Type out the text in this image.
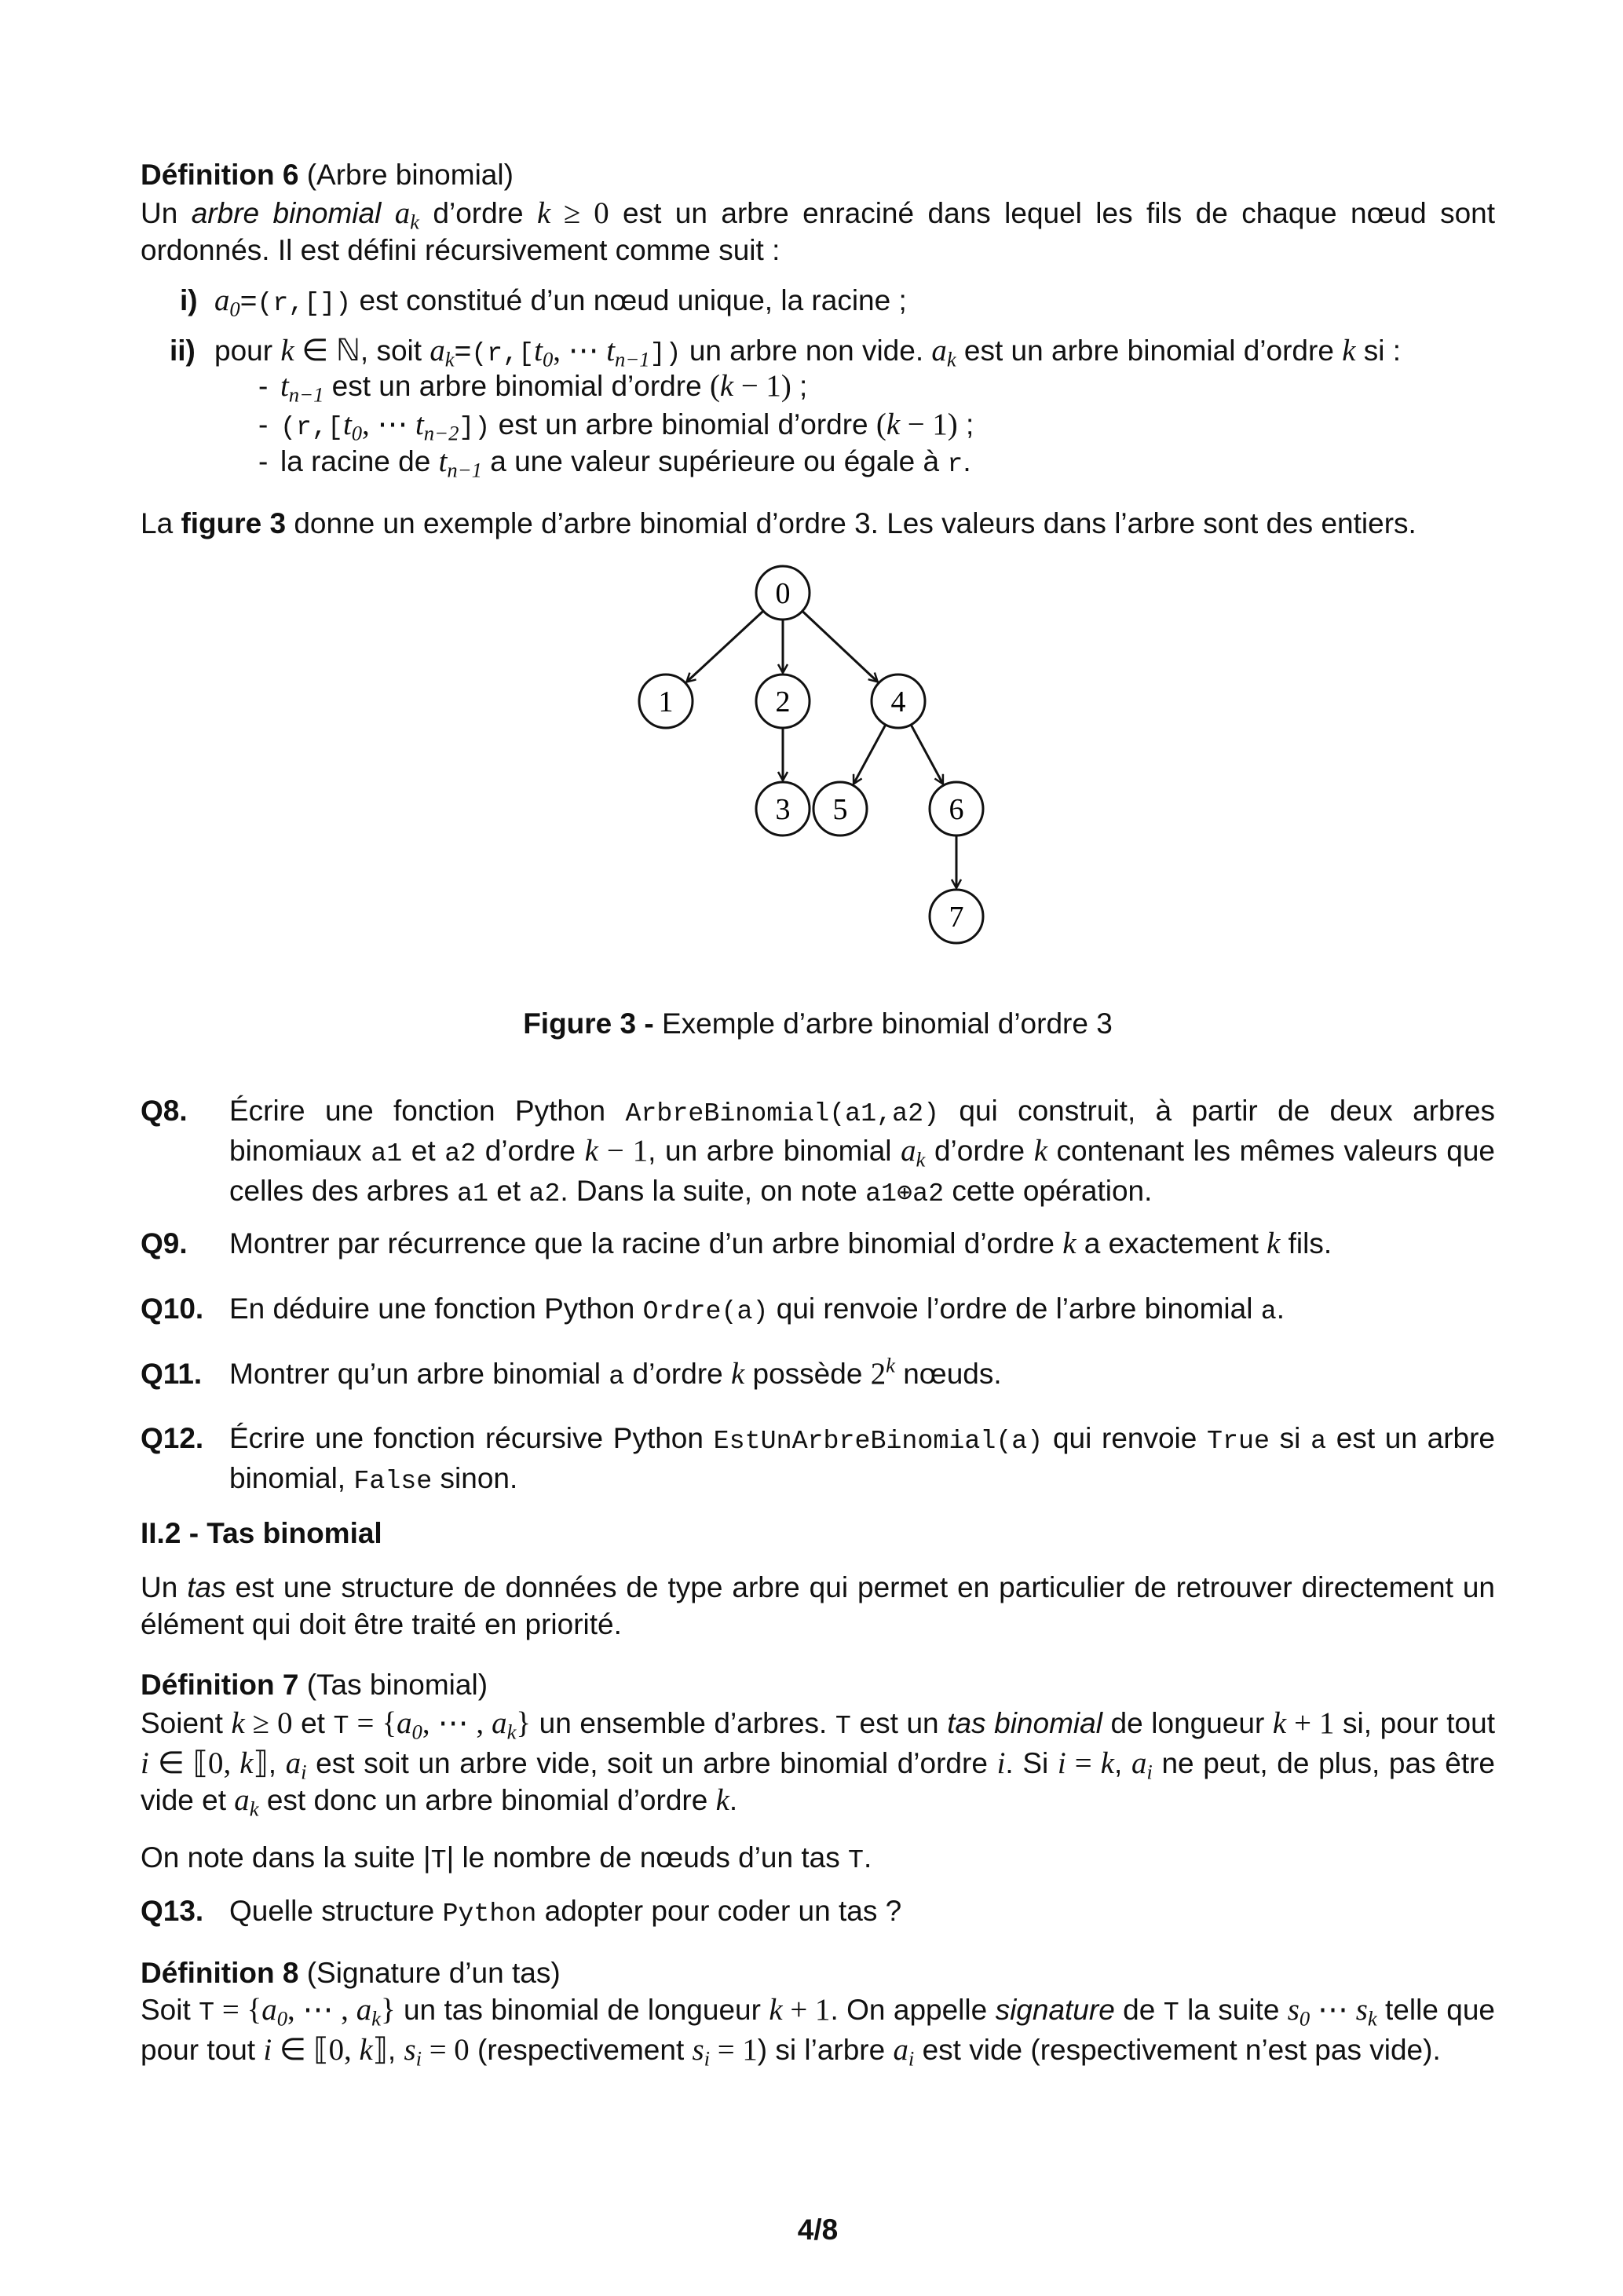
Définition 6 (Arbre binomial)
Un arbre binomial $a_k$ d’ordre k ≥ 0 est un arbre enraciné dans lequel les fils de chaque nœud sont ordonnés. Il est défini récursivement comme suit :
i) $a_0=(r,[])$ est constitué d’un nœud unique, la racine ;
ii) pour k ∈ ℕ, soit $a_k=(r,[t_0$, ⋯ $t_{n-1}$]) un arbre non vide. $a_k$ est un arbre binomial d’ordre k si :
- $t_{n-1}$ est un arbre binomial d’ordre (k − 1) ;
- ($r,[t_0$, ⋯ $t_{n-2}$]) est un arbre binomial d’ordre (k − 1) ;
- la racine de $t_{n-1}$ a une valeur supérieure ou égale à r.
La figure 3 donne un exemple d’arbre binomial d’ordre 3. Les valeurs dans l’arbre sont des entiers.
0
1	2
3
4
5	6
7
Figure 3 - Exemple d’arbre binomial d’ordre 3
Q8. Écrire une fonction Python ArbreBinomial(a1,a2) qui construit, à partir de deux arbres binomiaux a1 et a2 d’ordre k − 1, un arbre binomial $a_k$ d’ordre k contenant les mêmes valeurs que celles des arbres a1 et a2. Dans la suite, on note a1⊕a2 cette opération.
Q9. Montrer par récurrence que la racine d’un arbre binomial d’ordre k a exactement k fils.
Q10. En déduire une fonction Python Ordre(a) qui renvoie l’ordre de l’arbre binomial a.
Q11. Montrer qu’un arbre binomial a d’ordre k possède 2$^k$ nœuds.
Q12. Écrire une fonction récursive Python EstUnArbreBinomial(a) qui renvoie True si a est un arbre binomial, False sinon.
II.2 - Tas binomial
Un tas est une structure de données de type arbre qui permet en particulier de retrouver directement un élément qui doit être traité en priorité.
Définition 7 (Tas binomial)
Soient k ≥ 0 et $T = \{a_0$, ⋯ , $a_k$} un ensemble d’arbres. T est un tas binomial de longueur k + 1 si, pour tout i ∈ ⟦0, k⟧, $a_i$ est soit un arbre vide, soit un arbre binomial d’ordre i. Si i = k, $a_i$ ne peut, de plus, pas être vide et $a_k$ est donc un arbre binomial d’ordre k.
On note dans la suite |T| le nombre de nœuds d’un tas T.
Q13. Quelle structure Python adopter pour coder un tas ?
Définition 8 (Signature d’un tas)
Soit $T = \{a_0$, ⋯ , $a_k$} un tas binomial de longueur k + 1. On appelle signature de T la suite $s_0$ ⋯ $s_k$ telle que pour tout i ∈ ⟦0, k⟧, $s_i = 0$ (respectivement $s_i = 1$) si l’arbre $a_i$ est vide (respectivement n’est pas vide).
4/8
